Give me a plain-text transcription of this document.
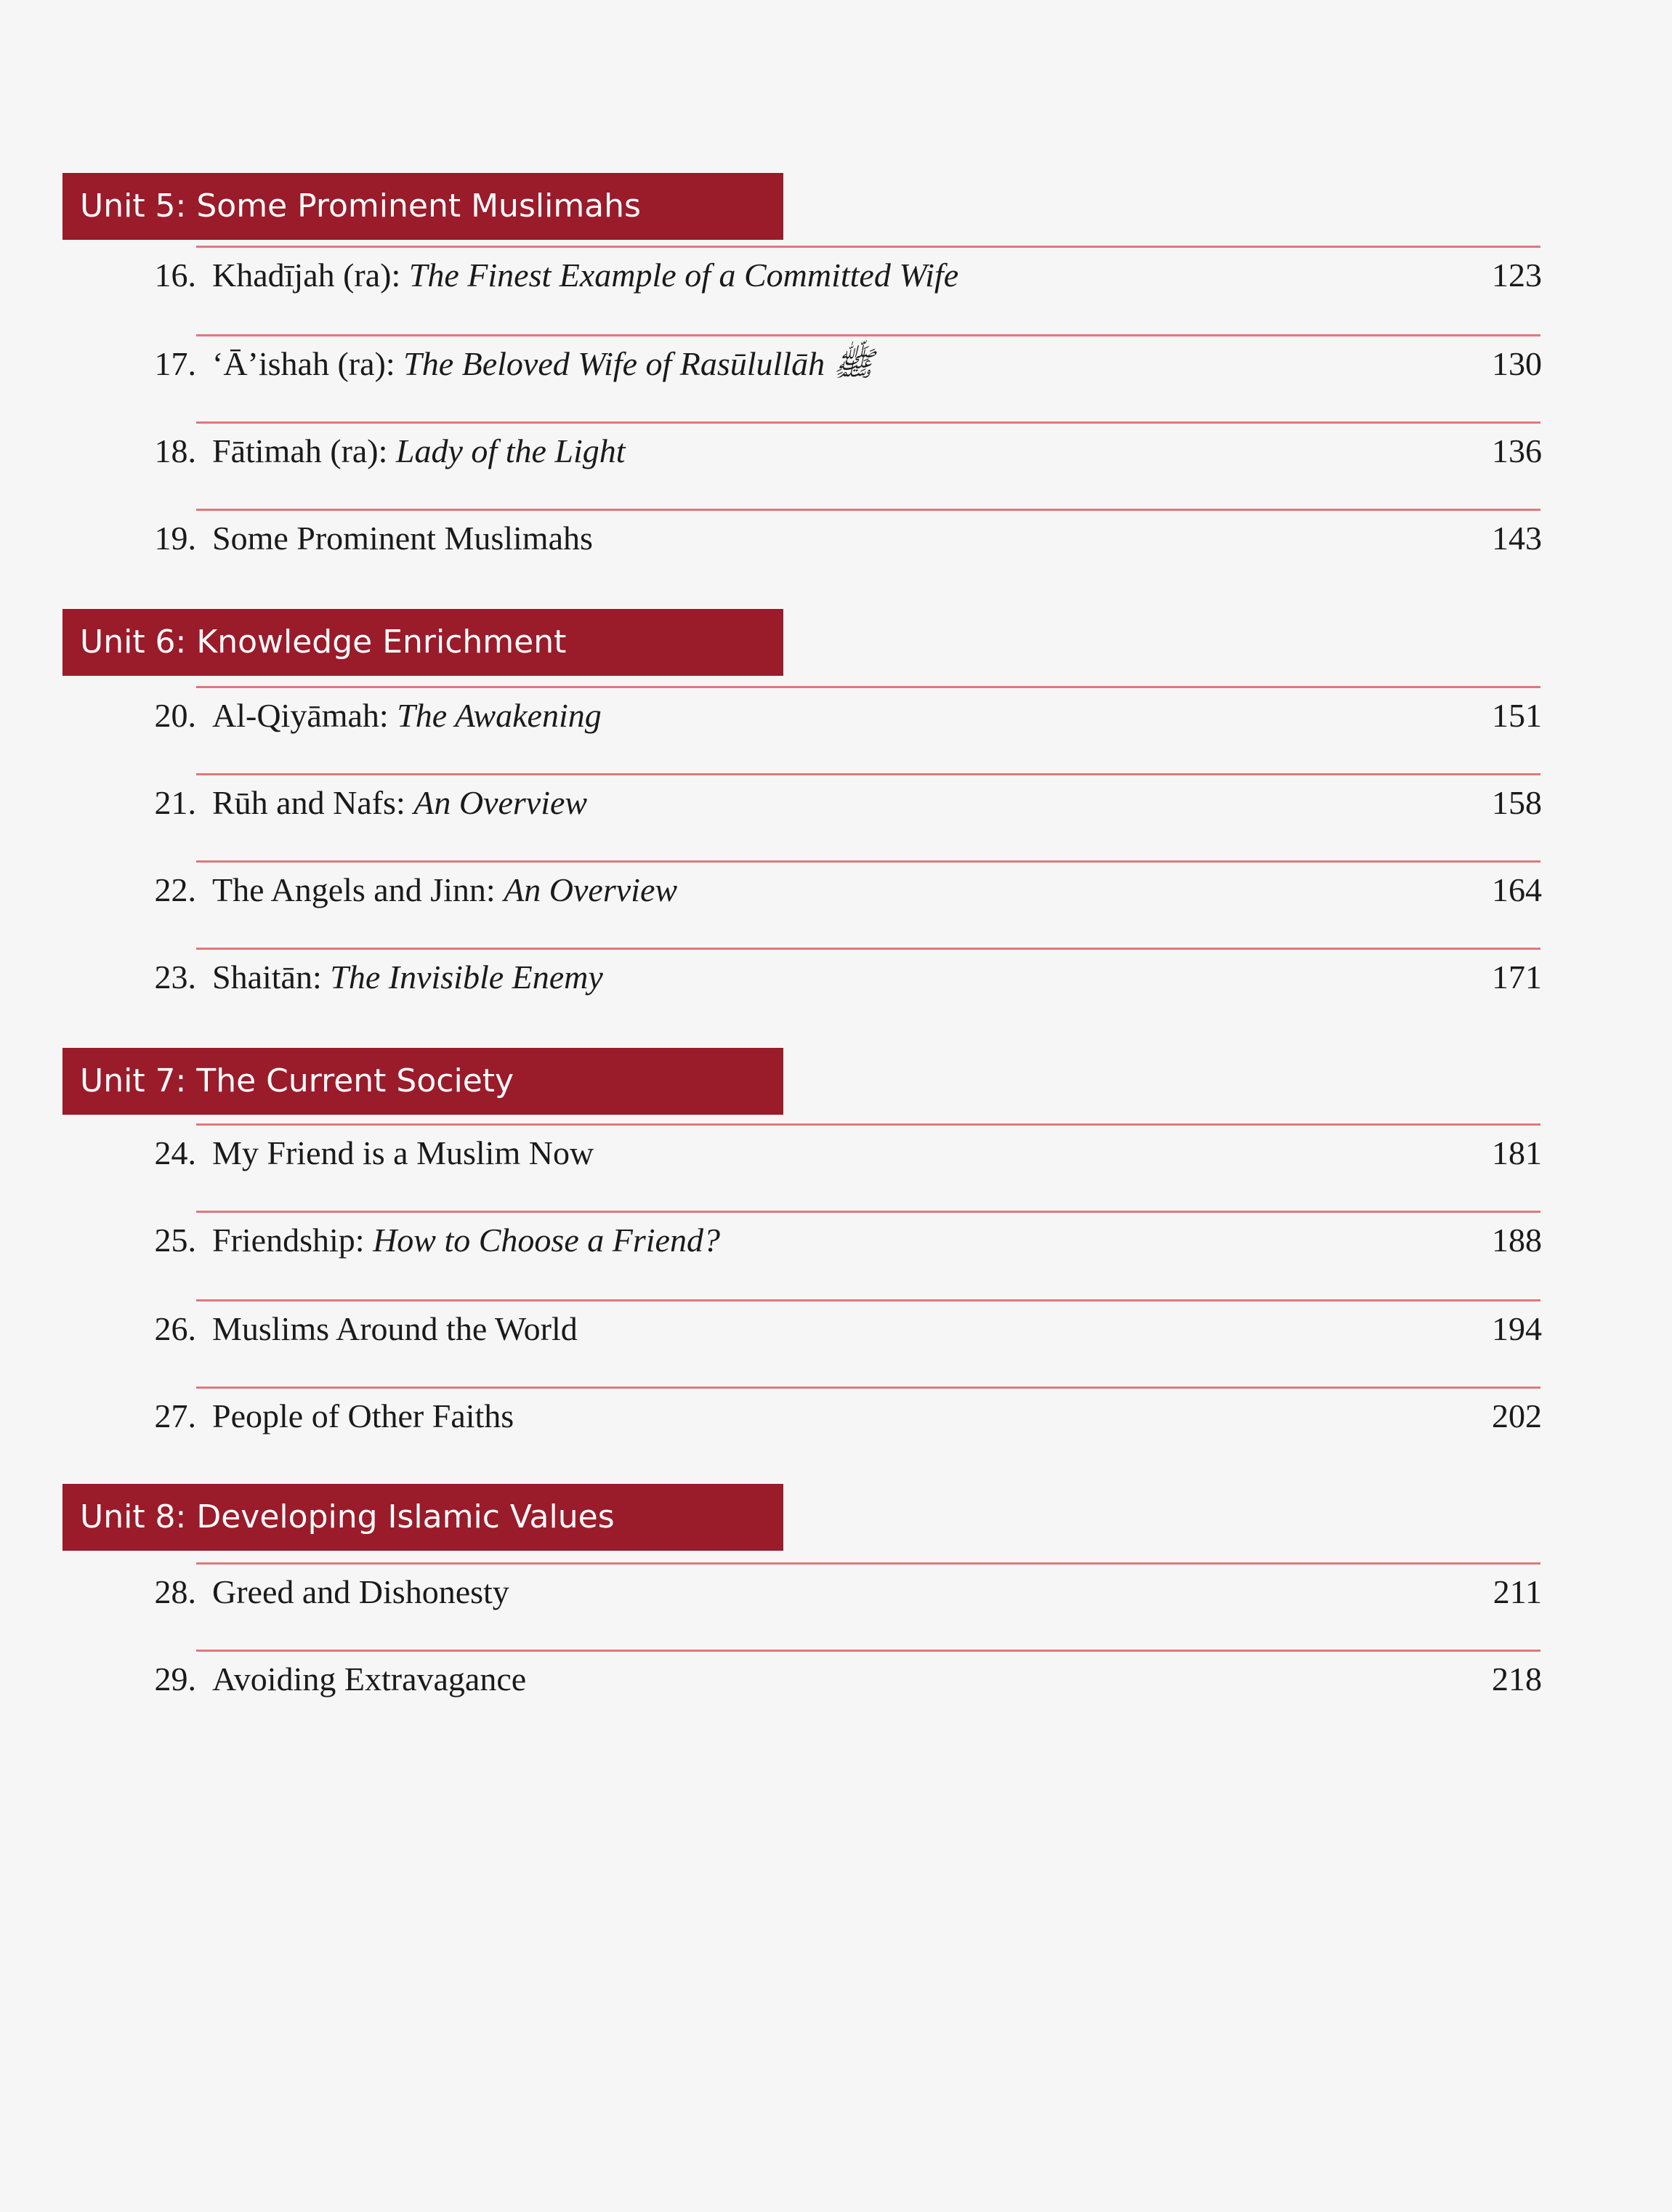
Unit 5: Some Prominent Muslimahs
16. Khadījah (ra): The Finest Example of a Committed Wife	123
17. ‘Ā’ishah (ra): The Beloved Wife of Rasūlullāh ﷺ	130
18. Fātimah (ra): Lady of the Light	136
19. Some Prominent Muslimahs	143
Unit 6: Knowledge Enrichment
20. Al-Qiyāmah: The Awakening	151
21. Rūh and Nafs: An Overview	158
22. The Angels and Jinn: An Overview	164
23. Shaitān: The Invisible Enemy	171
Unit 7: The Current Society
24. My Friend is a Muslim Now	181
25. Friendship: How to Choose a Friend?	188
26. Muslims Around the World	194
27. People of Other Faiths	202
Unit 8: Developing Islamic Values
28. Greed and Dishonesty	211
29. Avoiding Extravagance	218
